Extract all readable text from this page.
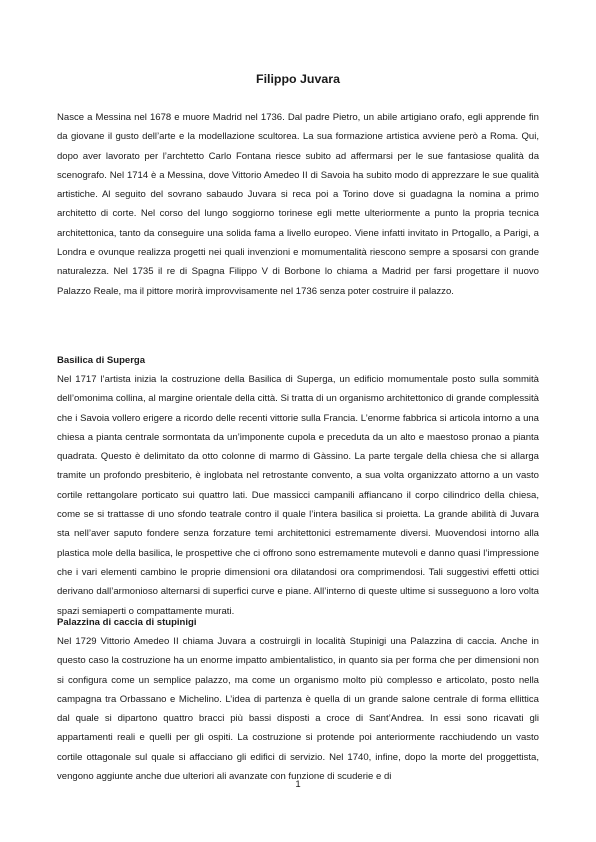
Filippo Juvara

Nasce a Messina nel 1678 e muore Madrid nel 1736. Dal padre Pietro, un abile artigiano orafo, egli apprende fin da giovane il gusto dell’arte e la modellazione scultorea. La sua formazione artistica avviene però a Roma. Qui, dopo aver lavorato per l’archtetto Carlo Fontana riesce subito ad affermarsi per le sue fantasiose qualità da scenografo. Nel 1714 è a Messina, dove Vittorio Amedeo II di Savoia ha subito modo di apprezzare le sue qualità artistiche. Al seguito del sovrano sabaudo Juvara si reca poi a Torino dove si guadagna la nomina a primo architetto di corte. Nel corso del lungo soggiorno torinese egli mette ulteriormente a punto la propria tecnica architettonica, tanto da conseguire una solida fama a livello europeo. Viene infatti invitato in Prtogallo, a Parigi, a Londra e ovunque realizza progetti nei quali invenzioni e momumentalità riescono sempre a sposarsi con grande naturalezza. Nel 1735 il re di Spagna Filippo V di Borbone lo chiama a Madrid per farsi progettare il nuovo Palazzo Reale, ma il pittore morirà improvvisamente nel 1736 senza poter costruire il palazzo.

Basilica di Superga

Nel 1717 l’artista inizia la costruzione della Basilica di Superga, un edificio momumentale posto sulla sommità dell’omonima collina, al margine orientale della città. Si tratta di un organismo architettonico di grande complessità che i Savoia vollero erigere a ricordo delle recenti vittorie sulla Francia. L’enorme fabbrica si articola intorno a una chiesa a pianta centrale sormontata da un’imponente cupola e preceduta da un alto e maestoso pronao a pianta quadrata. Questo è delimitato da otto colonne di marmo di Gàssino. La parte tergale della chiesa che si allarga tramite un profondo presbiterio, è inglobata nel retrostante convento, a sua volta organizzato attorno a un vasto cortile rettangolare porticato sui quattro lati. Due massicci campanili affiancano il corpo cilindrico della chiesa, come se si trattasse di uno sfondo teatrale contro il quale l’intera basilica si proietta. La grande abilità di Juvara sta nell’aver saputo fondere senza forzature temi architettonici estremamente diversi. Muovendosi intorno alla plastica mole della basilica, le prospettive che ci offrono sono estremamente mutevoli e danno quasi l’impressione che i vari elementi cambino le proprie dimensioni ora dilatandosi ora comprimendosi. Tali suggestivi effetti ottici derivano dall’armonioso alternarsi di superfici curve e piane. All’interno di queste ultime si susseguono a loro volta spazi semiaperti o compattamente murati.

Palazzina di caccia di stupinigi

Nel 1729 Vittorio Amedeo II chiama Juvara a costruirgli in località Stupinigi una Palazzina di caccia. Anche in questo caso la costruzione ha un enorme impatto ambientalistico, in quanto sia per forma che per dimensioni non si configura come un semplice palazzo, ma come un organismo molto più complesso e articolato, posto nella campagna tra Orbassano e Michelino. L’idea di partenza è quella di un grande salone centrale di forma ellittica dal quale si dipartono quattro bracci più bassi disposti a croce di Sant’Andrea. In essi sono ricavati gli appartamenti reali e quelli per gli ospiti. La costruzione si protende poi anteriormente racchiudendo un vasto cortile ottagonale sul quale si affacciano gli edifici di servizio. Nel 1740, infine, dopo la morte del proggettista, vengono aggiunte anche due ulteriori ali avanzate con funzione di scuderie e di

1
